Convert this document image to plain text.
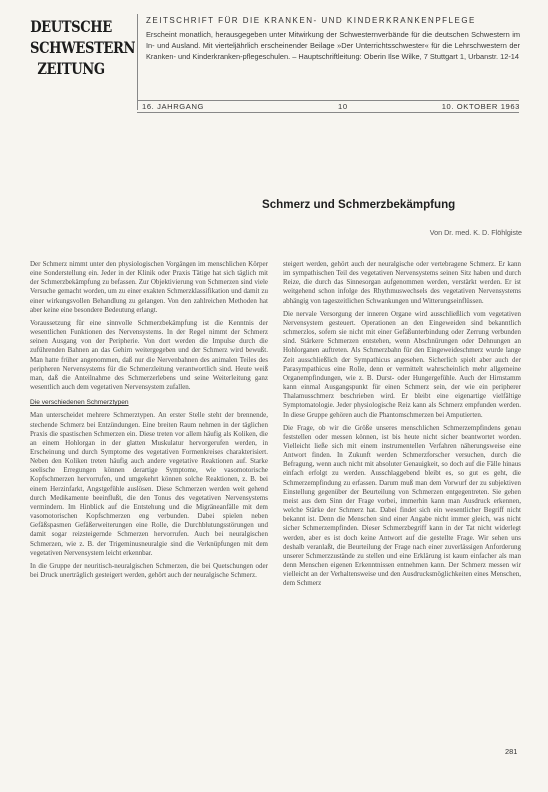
DEUTSCHE
SCHWESTERN
ZEITUNG
ZEITSCHRIFT FÜR DIE KRANKEN- UND KINDERKRANKENPFLEGE
Erscheint monatlich, herausgegeben unter Mitwirkung der Schwesternverbände für die deutschen Schwestern im In- und Ausland. Mit vierteljährlich erscheinender Beilage »Der Unterrichtsschwester« für die Lehrschwestern der Kranken- und Kinderkranken-pflegeschulen. – Hauptschriftleitung: Oberin Ilse Wilke, 7 Stuttgart 1, Urbanstr. 12-14
16. JAHRGANG	10	10. OKTOBER 1963
Schmerz und Schmerzbekämpfung
Von Dr. med. K. D. Flöhlgiste

Der Schmerz nimmt unter den physiologischen Vorgängen im menschlichen Körper eine Sonderstellung ein. Jeder in der Klinik oder Praxis Tätige hat sich täglich mit der Schmerzbekämpfung zu befassen. Zur Objektivierung von Schmerzen sind viele Versuche gemacht worden, um zu einer exakten Schmerzklassifikation und damit zu einer wirkungsvollen Behandlung zu gelangen. Von den zahlreichen Methoden hat aber keine eine besondere Bedeutung erlangt.

Voraussetzung für eine sinnvolle Schmerzbekämpfung ist die Kenntnis der wesentlichen Funktionen des Nervensystems. In der Regel nimmt der Schmerz seinen Ausgang von der Peripherie. Von dort werden die Impulse durch die zuführenden Bahnen an das Gehirn weitergegeben und der Schmerz wird bewußt. Man hatte früher angenommen, daß nur die Nervenbahnen des animalen Teiles des peripheren Nervensystems für die Schmerzleitung verantwortlich sind. Heute weiß man, daß die Anteilnahme des Schmerzerlebens und seine Weiterleitung ganz wesentlich auch dem vegetativen Nervensystem zufallen.

Die verschiedenen Schmerztypen

Man unterscheidet mehrere Schmerztypen. An erster Stelle steht der brennende, stechende Schmerz bei Entzündungen. Eine breiten Raum nehmen in der täglichen Praxis die spastischen Schmerzen ein. Diese treten vor allem häufig als Koliken, die an einem Hohlorgan in der glatten Muskulatur hervorgerufen werden, in Erscheinung und durch Symptome des vegetativen Formenkreises charakterisiert. Neben den Koliken treten häufig auch andere vegetative Reaktionen auf. Starke seelische Erregungen können derartige Symptome, wie vasomotorische Kopfschmerzen hervorrufen, und umgekehrt können solche Reaktionen, z. B. bei einem Herzinfarkt, Angstgefühle auslösen. Diese Schmerzen werden weit gehend durch Medikamente beeinflußt, die den Tonus des vegetativen Nervensystems vermindern. Im Hinblick auf die Entstehung und die Migräneanfälle mit dem vasomotorischen Kopfschmerzen eng verbunden. Dabei spielen neben Gefäßspasmen Gefäßerweiterungen eine Rolle, die Durchblutungsstörungen und damit sogar reizsteigernde Schmerzen hervorrufen. Auch bei neuralgischen Schmerzen, wie z. B. der Trigeminusneuralgie sind die Verknüpfungen mit dem vegetativen Nervensystem leicht erkennbar.

In die Gruppe der neuritisch-neuralgischen Schmerzen, die bei Quetschungen oder bei Druck unerträglich gesteigert werden, gehört auch der neuralgische Schmerz.

steigert werden, gehört auch der neuralgische oder vertebragene Schmerz. Er kann im sympathischen Teil des vegetativen Nervensystems seinen Sitz haben und durch Reize, die durch das Sinnesorgan aufgenommen werden, verstärkt werden. Er ist weitgehend schon infolge des Rhythmuswechsels des vegetativen Nervensystems abhängig von tageszeitlichen Schwankungen und Witterungseinflüssen.

Die nervale Versorgung der inneren Organe wird ausschließlich vom vegetativen Nervensystem gesteuert. Operationen an den Eingeweiden sind bekanntlich schmerzlos, sofern sie nicht mit einer Gefäßunterbindung oder Zerrung verbunden sind. Stärkere Schmerzen entstehen, wenn Abschnürungen oder Dehnungen an Hohlorganen auftreten. Als Schmerzbahn für den Eingeweideschmerz wurde lange Zeit ausschließlich der Sympathicus angesehen. Sicherlich spielt aber auch der Parasympathicus eine Rolle, denn er vermittelt wahrscheinlich mehr allgemeine Organempfindungen, wie z. B. Durst- oder Hungergefühle. Auch der Hirnstamm kann einmal Ausgangspunkt für einen Schmerz sein, der wie ein peripherer Thalamusschmerz beschrieben wird. Er bleibt eine eigenartige vielfältige Symptomatologie. Jeder physiologische Reiz kann als Schmerz empfunden werden. In diese Gruppe gehören auch die Phantomschmerzen bei Amputierten.

Die Frage, ob wir die Größe unseres menschlichen Schmerzempfindens genau feststellen oder messen können, ist bis heute nicht sicher beantwortet worden. Vielleicht ließe sich mit einem instrumentellen Verfahren näherungsweise eine Antwort finden. In Zukunft werden Schmerzforscher versuchen, durch die Befragung, wenn auch nicht mit absoluter Genauigkeit, so doch auf die Fälle hinaus einfach erfolgt zu werden. Ausschlaggebend bleibt es, so gut es geht, die Schmerzempfindung zu erfassen. Darum muß man dem Vorwurf der zu subjektiven Einstellung gegenüber der Beurteilung von Schmerzen entgegentreten. Sie gehen meist aus dem Sinn der Frage vorbei, immerhin kann man Ausdruck erkennen, welche Stärke der Schmerz hat. Dabei findet sich ein wesentlicher Begriff nicht bekannt ist. Denn die Menschen sind einer Angabe nicht immer gleich, was nicht sicher Schmerzempfinden. Dieser Schmerzbegriff kann in der Tat nicht widerlegt werden, aber es ist doch keine Antwort auf die gestellte Frage. Wir sehen uns deshalb veranlaßt, die Beurteilung der Frage nach einer zuverlässigen Anforderung unserer Schmerzzustände zu stellen und eine Erklärung ist kaum einfacher als man denn Menschen eigenen Erkenntnissen entnehmen kann. Der Schmerz messen wir vielleicht an der Verhaltensweise und den Ausdrucksmöglichkeiten eines Menschen, dem Schmerz

281
